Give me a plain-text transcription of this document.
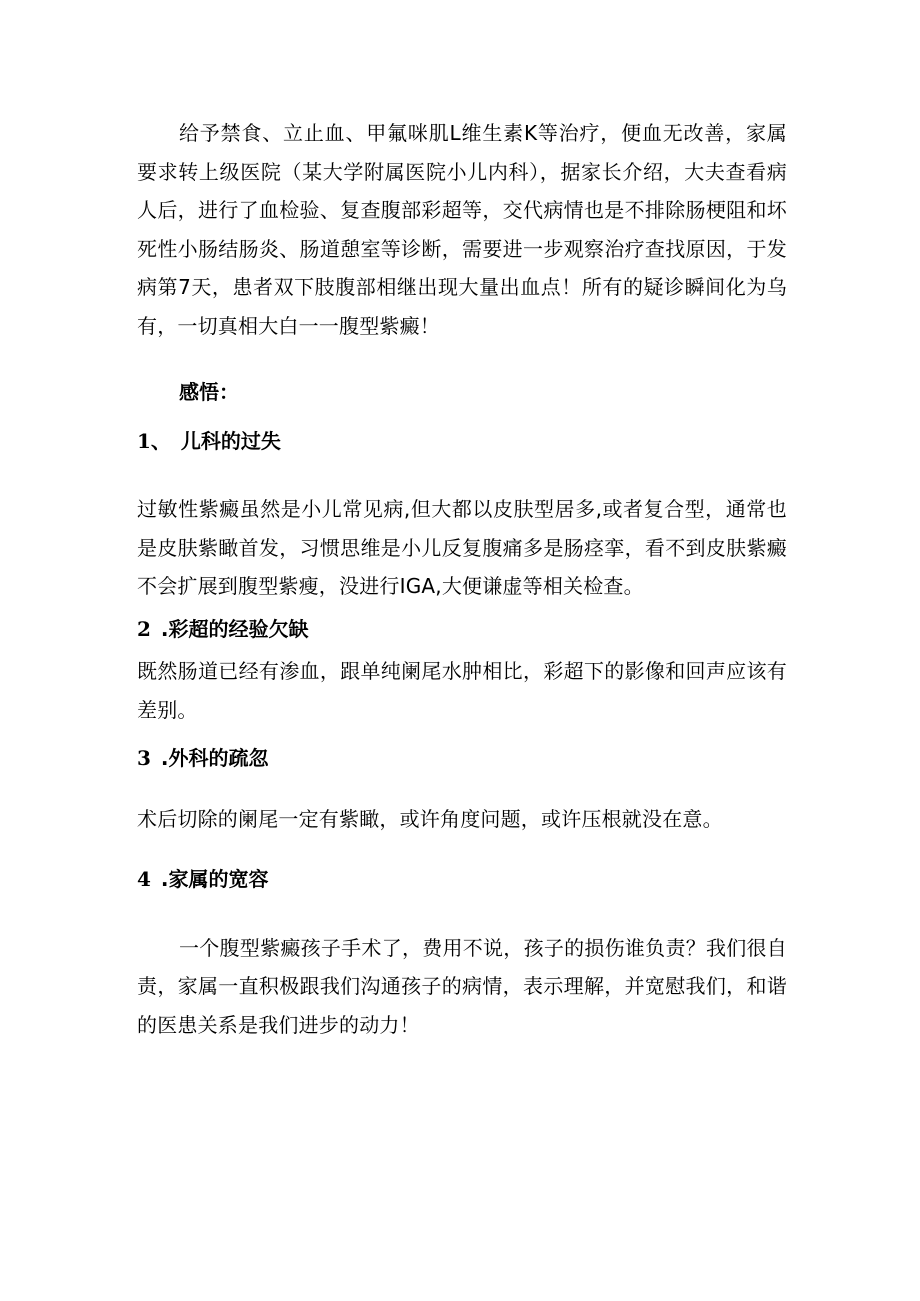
给予禁食、立止血、甲氟咪肌L维生素K等治疗，便血无改善，家属要求转上级医院（某大学附属医院小儿内科），据家长介绍，大夫查看病人后，进行了血检验、复查腹部彩超等，交代病情也是不排除肠梗阻和坏死性小肠结肠炎、肠道憩室等诊断，需要进一步观察治疗查找原因，于发病第7天，患者双下肢腹部相继出现大量出血点！所有的疑诊瞬间化为乌有，一切真相大白一一腹型紫癜！

感悟：

1、 儿科的过失

过敏性紫癜虽然是小儿常见病,但大都以皮肤型居多,或者复合型，通常也是皮肤紫瞰首发，习惯思维是小儿反复腹痛多是肠痉挛，看不到皮肤紫癜不会扩展到腹型紫瘦，没进行IGA,大便谦虚等相关检查。

2 .彩超的经验欠缺

既然肠道已经有渗血，跟单纯阑尾水肿相比，彩超下的影像和回声应该有差别。

3 .外科的疏忽

术后切除的阑尾一定有紫瞰，或许角度问题，或许压根就没在意。

4 .家属的宽容

一个腹型紫癜孩子手术了，费用不说，孩子的损伤谁负责？我们很自责，家属一直积极跟我们沟通孩子的病情，表示理解，并宽慰我们，和谐的医患关系是我们进步的动力！
